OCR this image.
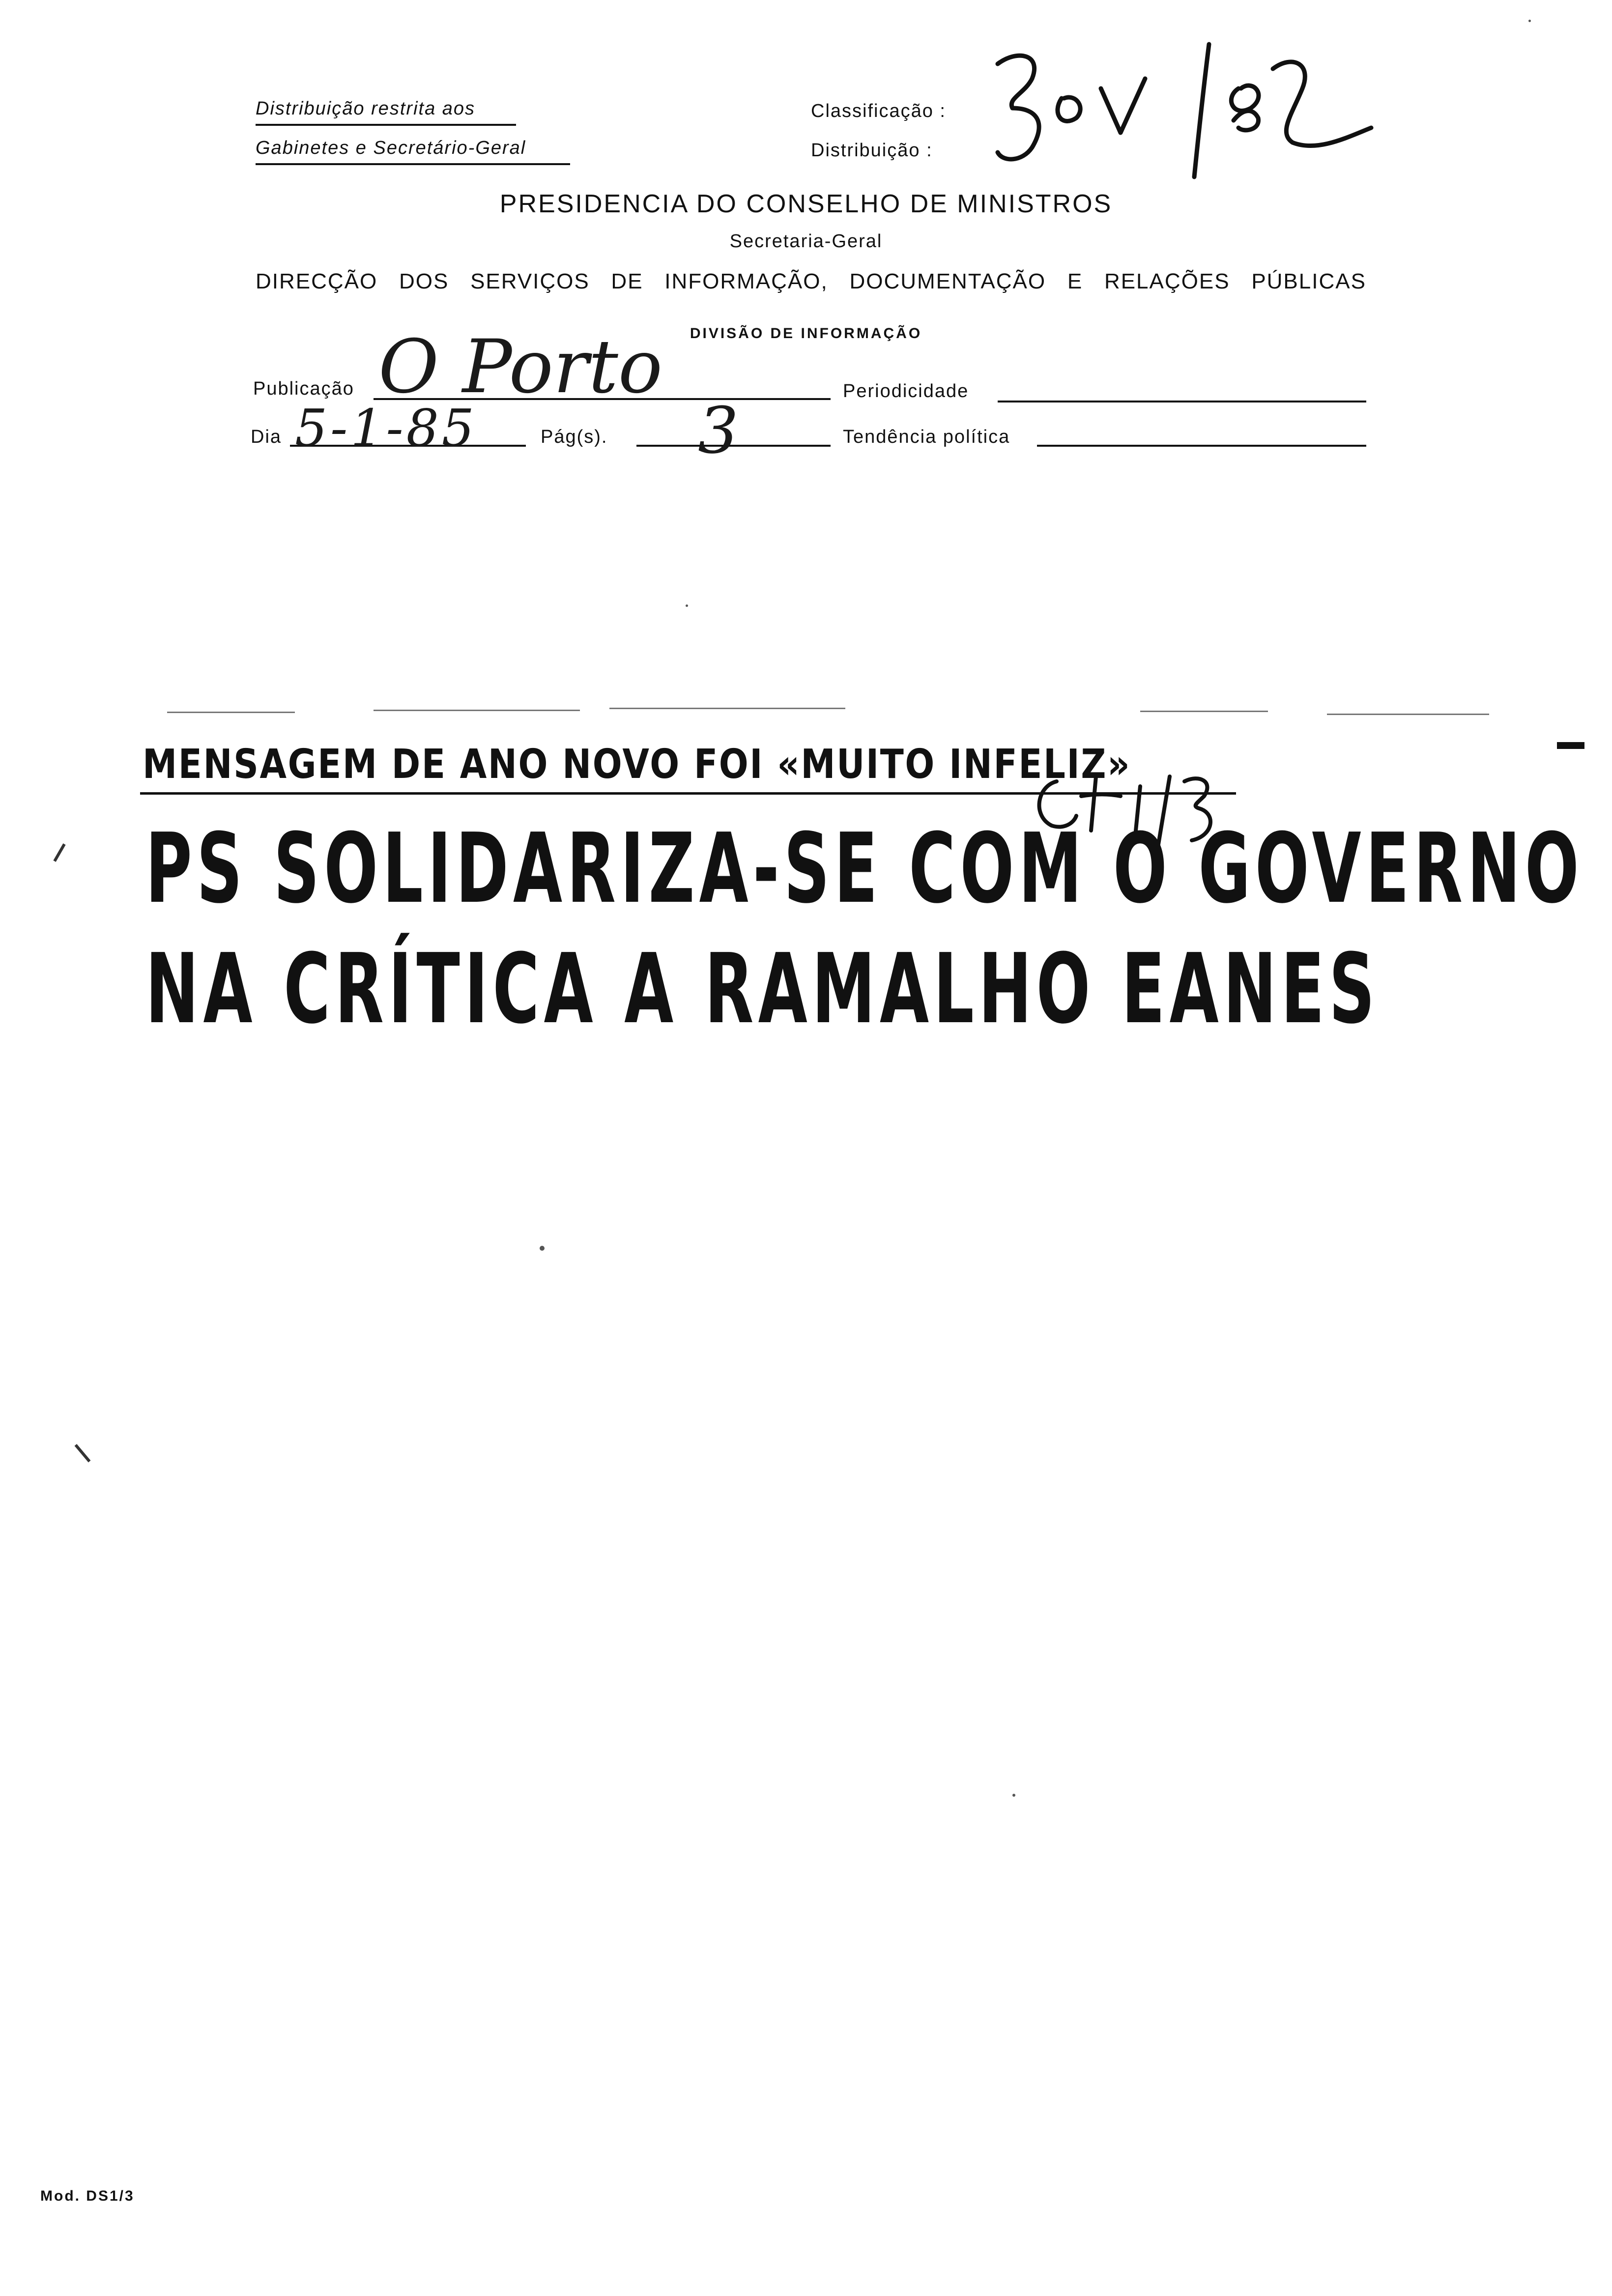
Distribuição restrita aos
Gabinetes e Secretário-Geral
Classificação :
Distribuição :
PRESIDENCIA DO CONSELHO DE MINISTROS
Secretaria-Geral
DIRECÇÃO DOS SERVIÇOS DE INFORMAÇÃO, DOCUMENTAÇÃO E RELAÇÕES PÚBLICAS
DIVISÃO DE INFORMAÇÃO
Publicação O Porto	Periodicidade
Dia 5-1-85	Pág(s). 3	Tendência política
MENSAGEM DE ANO NOVO FOI «MUITO INFELIZ»
PS SOLIDARIZA-SE COM O GOVERNO
NA CRÍTICA A RAMALHO EANES
Mod. DS1/3
